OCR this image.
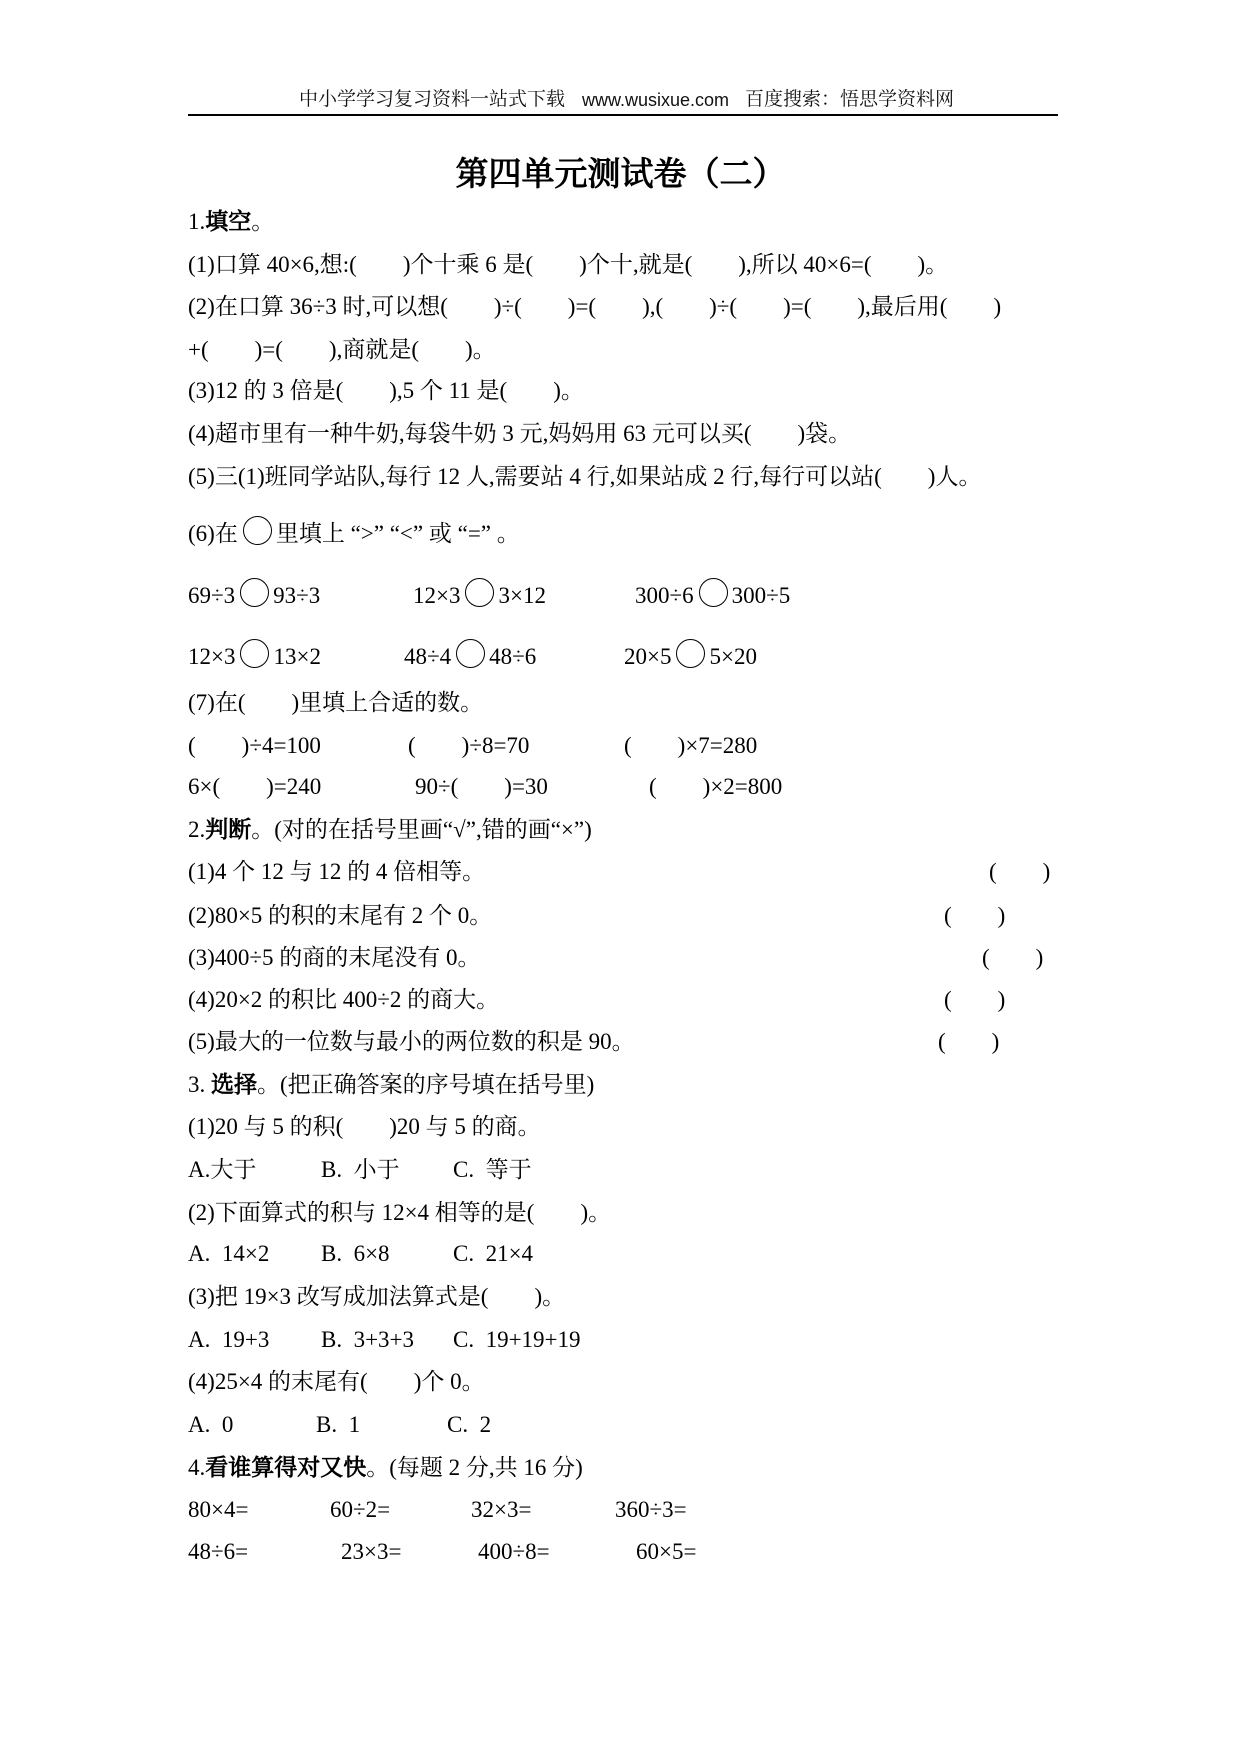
中小学学习复习资料一站式下载 www.wusixue.com 百度搜索：悟思学资料网
第四单元测试卷（二）
1.填空。
(1)口算 40×6,想:(        )个十乘 6 是(        )个十,就是(        ),所以 40×6=(        )。
(2)在口算 36÷3 时,可以想(        )÷(        )=(        ),(        )÷(        )=(        ),最后用(        )
+(        )=(        ),商就是(        )。
(3)12 的 3 倍是(        ),5 个 11 是(        )。
(4)超市里有一种牛奶,每袋牛奶 3 元,妈妈用 63 元可以买(        )袋。
(5)三(1)班同学站队,每行 12 人,需要站 4 行,如果站成 2 行,每行可以站(        )人。
(6)在 里填上 “>” “<” 或 “=” 。
69÷3 93÷3	12×3 3×12	300÷6 300÷5
12×3 13×2	48÷4 48÷6	20×5 5×20
(7)在(        )里填上合适的数。
(        )÷4=100	(        )÷8=70	(        )×7=280
6×(        )=240	90÷(        )=30	(        )×2=800
2.判断。(对的在括号里画“√”,错的画“×”)
(1)4 个 12 与 12 的 4 倍相等。	(        )
(2)80×5 的积的末尾有 2 个 0。	(        )
(3)400÷5 的商的末尾没有 0。	(        )
(4)20×2 的积比 400÷2 的商大。	(        )
(5)最大的一位数与最小的两位数的积是 90。	(        )
3. 选择。(把正确答案的序号填在括号里)
(1)20 与 5 的积(        )20 与 5 的商。
A.大于	B.  小于 C.  等于
(2)下面算式的积与 12×4 相等的是(        )。
A.  14×2 B.  6×8	C.  21×4
(3)把 19×3 改写成加法算式是(        )。
A.  19+3 B.  3+3+3 C.  19+19+19
(4)25×4 的末尾有(        )个 0。
A.  0	B.  1	C.  2
4.看谁算得对又快。(每题 2 分,共 16 分)
80×4=	60÷2=	32×3=	360÷3=
48÷6=	23×3=	400÷8=	60×5=
